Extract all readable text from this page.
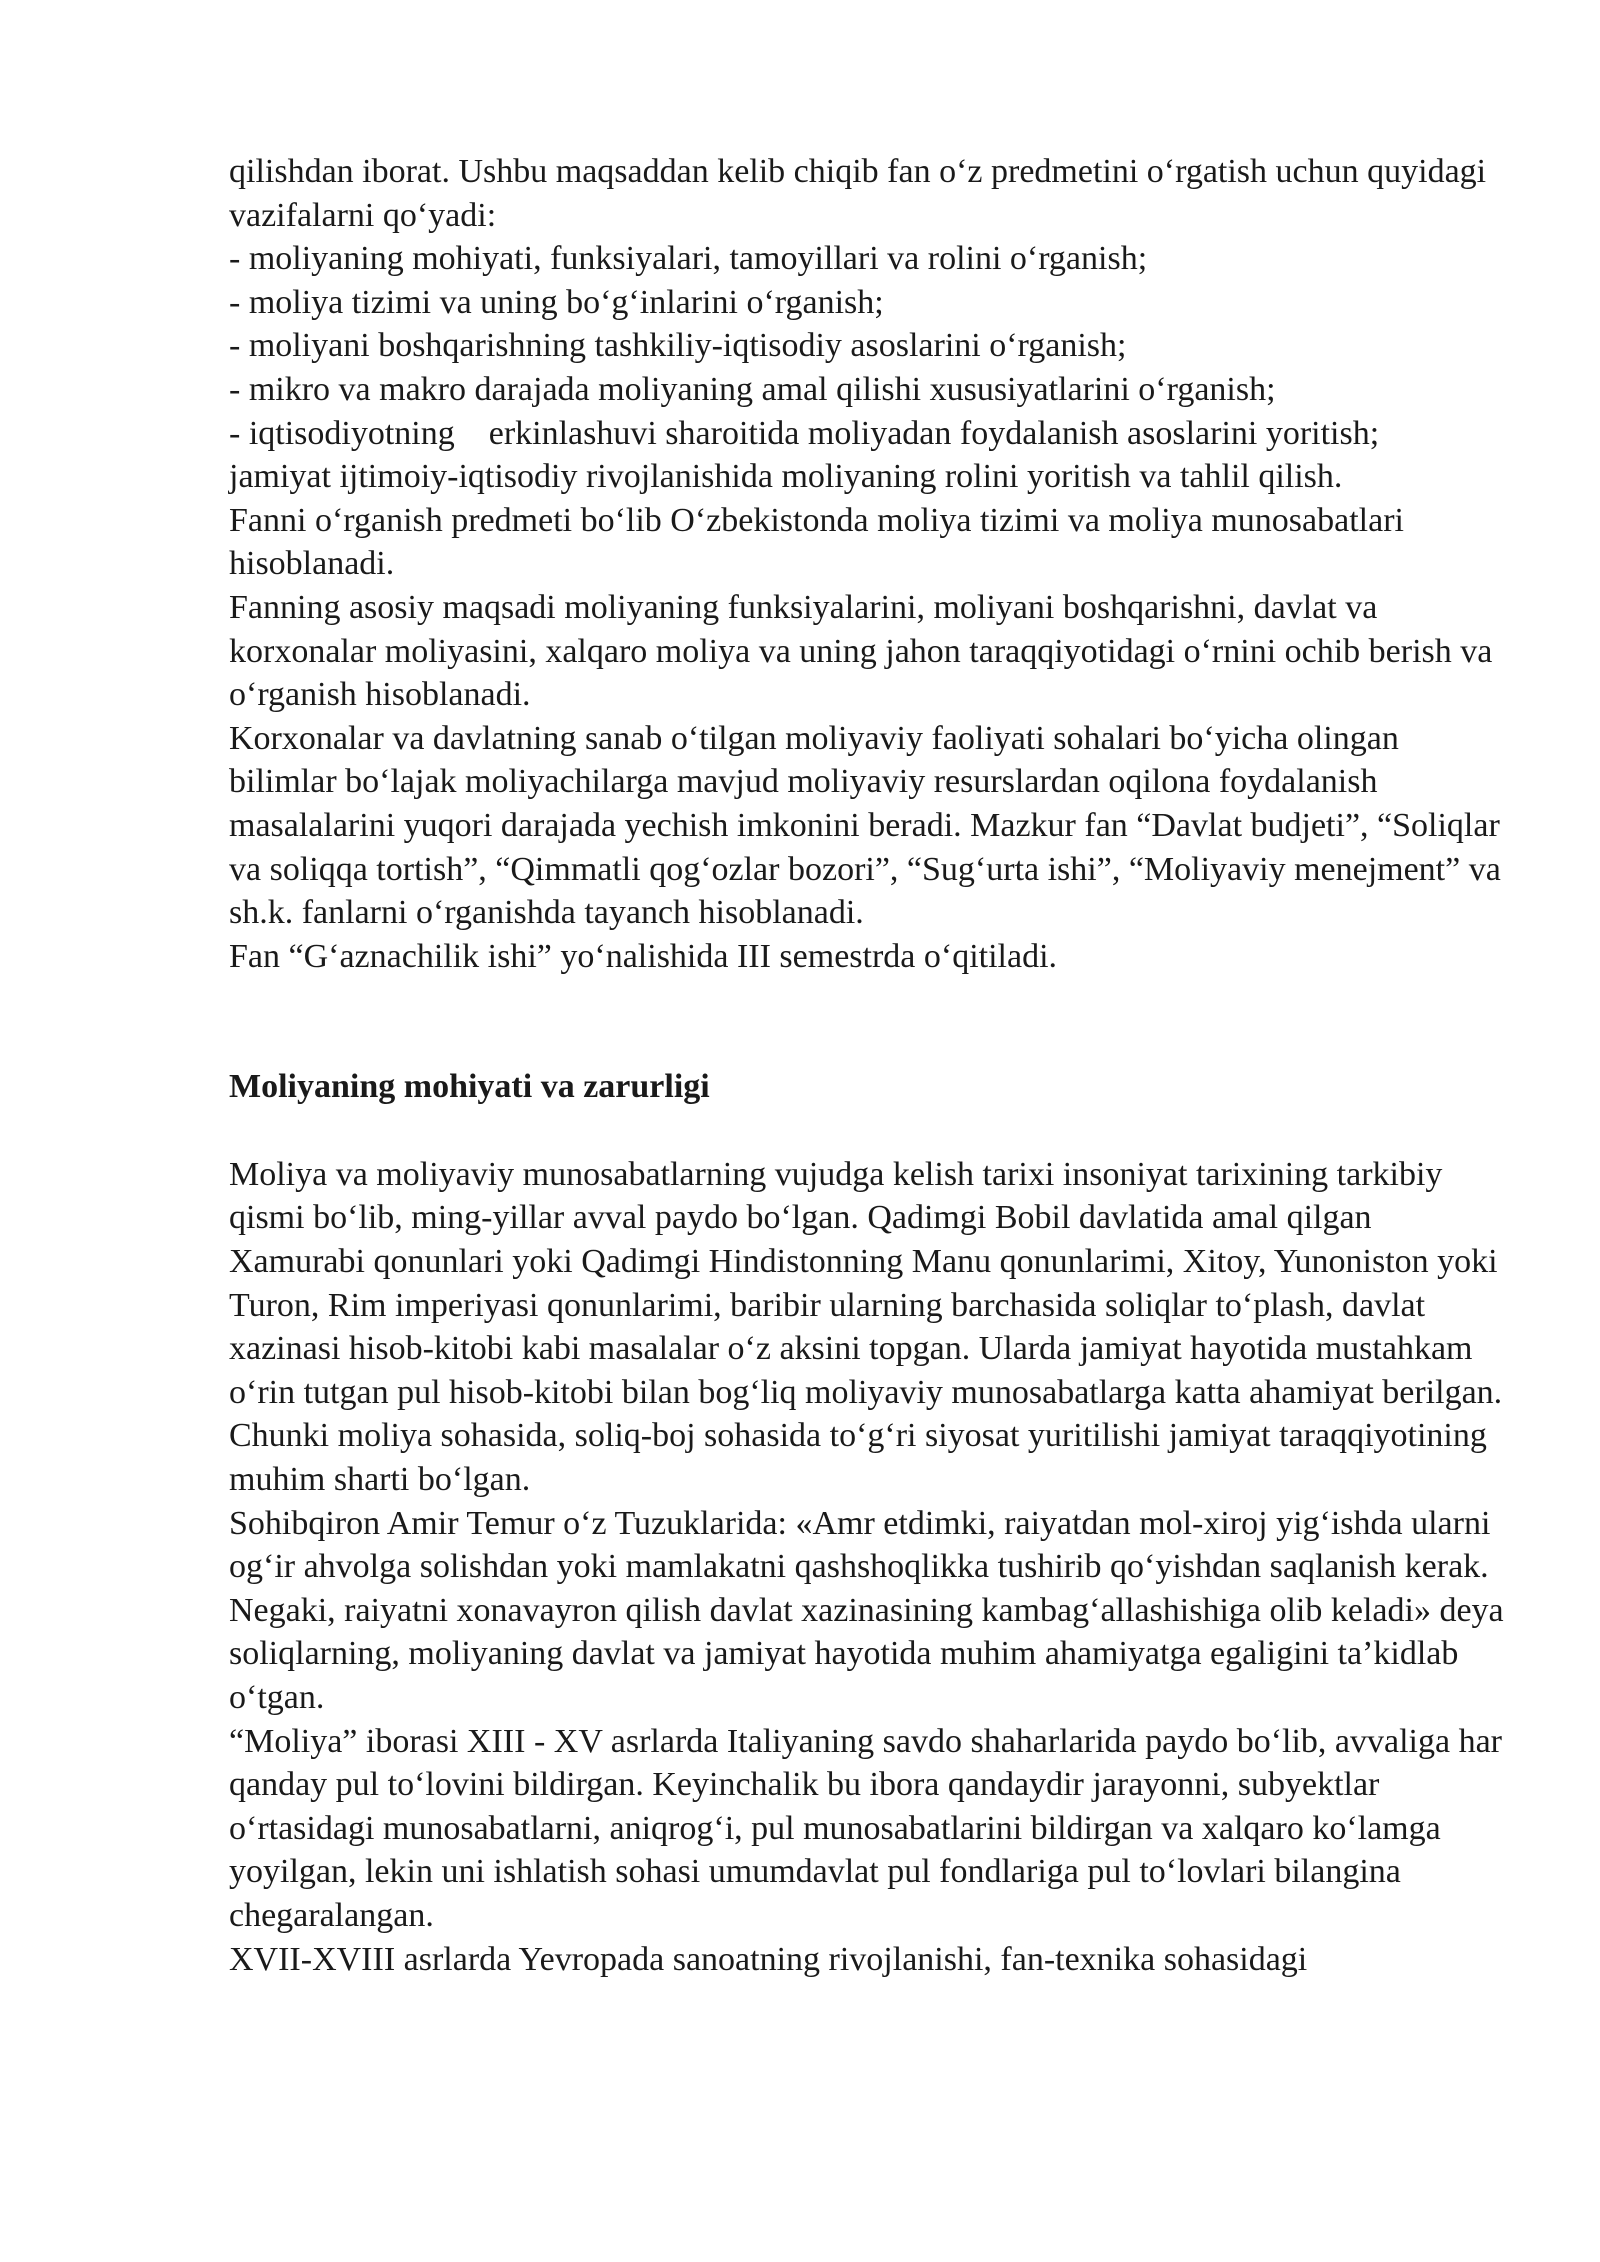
qilishdan iborat. Ushbu maqsaddan kelib chiqib fan o‘z predmetini o‘rgatish uchun quyidagi vazifalarni qo‘yadi:

- moliyaning mohiyati, funksiyalari, tamoyillari va rolini o‘rganish;

- moliya tizimi va uning bo‘g‘inlarini o‘rganish;

- moliyani boshqarishning tashkiliy-iqtisodiy asoslarini o‘rganish;

- mikro va makro darajada moliyaning amal qilishi xususiyatlarini o‘rganish;

- iqtisodiyotning    erkinlashuvi sharoitida moliyadan foydalanish asoslarini yoritish;

jamiyat ijtimoiy-iqtisodiy rivojlanishida moliyaning rolini yoritish va tahlil qilish.

Fanni o‘rganish predmeti bo‘lib O‘zbekistonda moliya tizimi va moliya munosabatlari hisoblanadi.

Fanning asosiy maqsadi moliyaning funksiyalarini, moliyani boshqarishni, davlat va korxonalar moliyasini, xalqaro moliya va uning jahon taraqqiyotidagi o‘rnini ochib berish va o‘rganish hisoblanadi.

Korxonalar va davlatning sanab o‘tilgan moliyaviy faoliyati sohalari bo‘yicha olingan bilimlar bo‘lajak moliyachilarga mavjud moliyaviy resurslardan oqilona foydalanish masalalarini yuqori darajada yechish imkonini beradi. Mazkur fan “Davlat budjeti”, “Soliqlar va soliqqa tortish”, “Qimmatli qog‘ozlar bozori”, “Sug‘urta ishi”, “Moliyaviy menejment” va sh.k. fanlarni o‘rganishda tayanch hisoblanadi.

Fan “G‘aznachilik ishi” yo‘nalishida III semestrda o‘qitiladi.

Moliyaning mohiyati va zarurligi

Moliya va moliyaviy munosabatlarning vujudga kelish tarixi insoniyat tarixining tarkibiy qismi bo‘lib, ming-yillar avval paydo bo‘lgan. Qadimgi Bobil davlatida amal qilgan Xamurabi qonunlari yoki Qadimgi Hindistonning Manu qonunlarimi, Xitoy, Yunoniston yoki Turon, Rim imperiyasi qonunlarimi, baribir ularning barchasida soliqlar to‘plash, davlat xazinasi hisob-kitobi kabi masalalar o‘z aksini topgan. Ularda jamiyat hayotida mustahkam o‘rin tutgan pul hisob-kitobi bilan bog‘liq moliyaviy munosabatlarga katta ahamiyat berilgan. Chunki moliya sohasida, soliq-boj sohasida to‘g‘ri siyosat yuritilishi jamiyat taraqqiyotining muhim sharti bo‘lgan.

Sohibqiron Amir Temur o‘z Tuzuklarida: «Amr etdimki, raiyatdan mol-xiroj yig‘ishda ularni og‘ir ahvolga solishdan yoki mamlakatni qashshoqlikka tushirib qo‘yishdan saqlanish kerak. Negaki, raiyatni xonavayron qilish davlat xazinasining kambag‘allashishiga olib keladi» deya soliqlarning, moliyaning davlat va jamiyat hayotida muhim ahamiyatga egaligini ta’kidlab o‘tgan.

“Moliya” iborasi XIII - XV asrlarda Italiyaning savdo shaharlarida paydo bo‘lib, avvaliga har qanday pul to‘lovini bildirgan. Keyinchalik bu ibora qandaydir jarayonni, subyektlar o‘rtasidagi munosabatlarni, aniqrog‘i, pul munosabatlarini bildirgan va xalqaro ko‘lamga yoyilgan, lekin uni ishlatish sohasi umumdavlat pul fondlariga pul to‘lovlari bilangina chegaralangan.

XVII-XVIII asrlarda Yevropada sanoatning rivojlanishi, fan-texnika sohasidagi
